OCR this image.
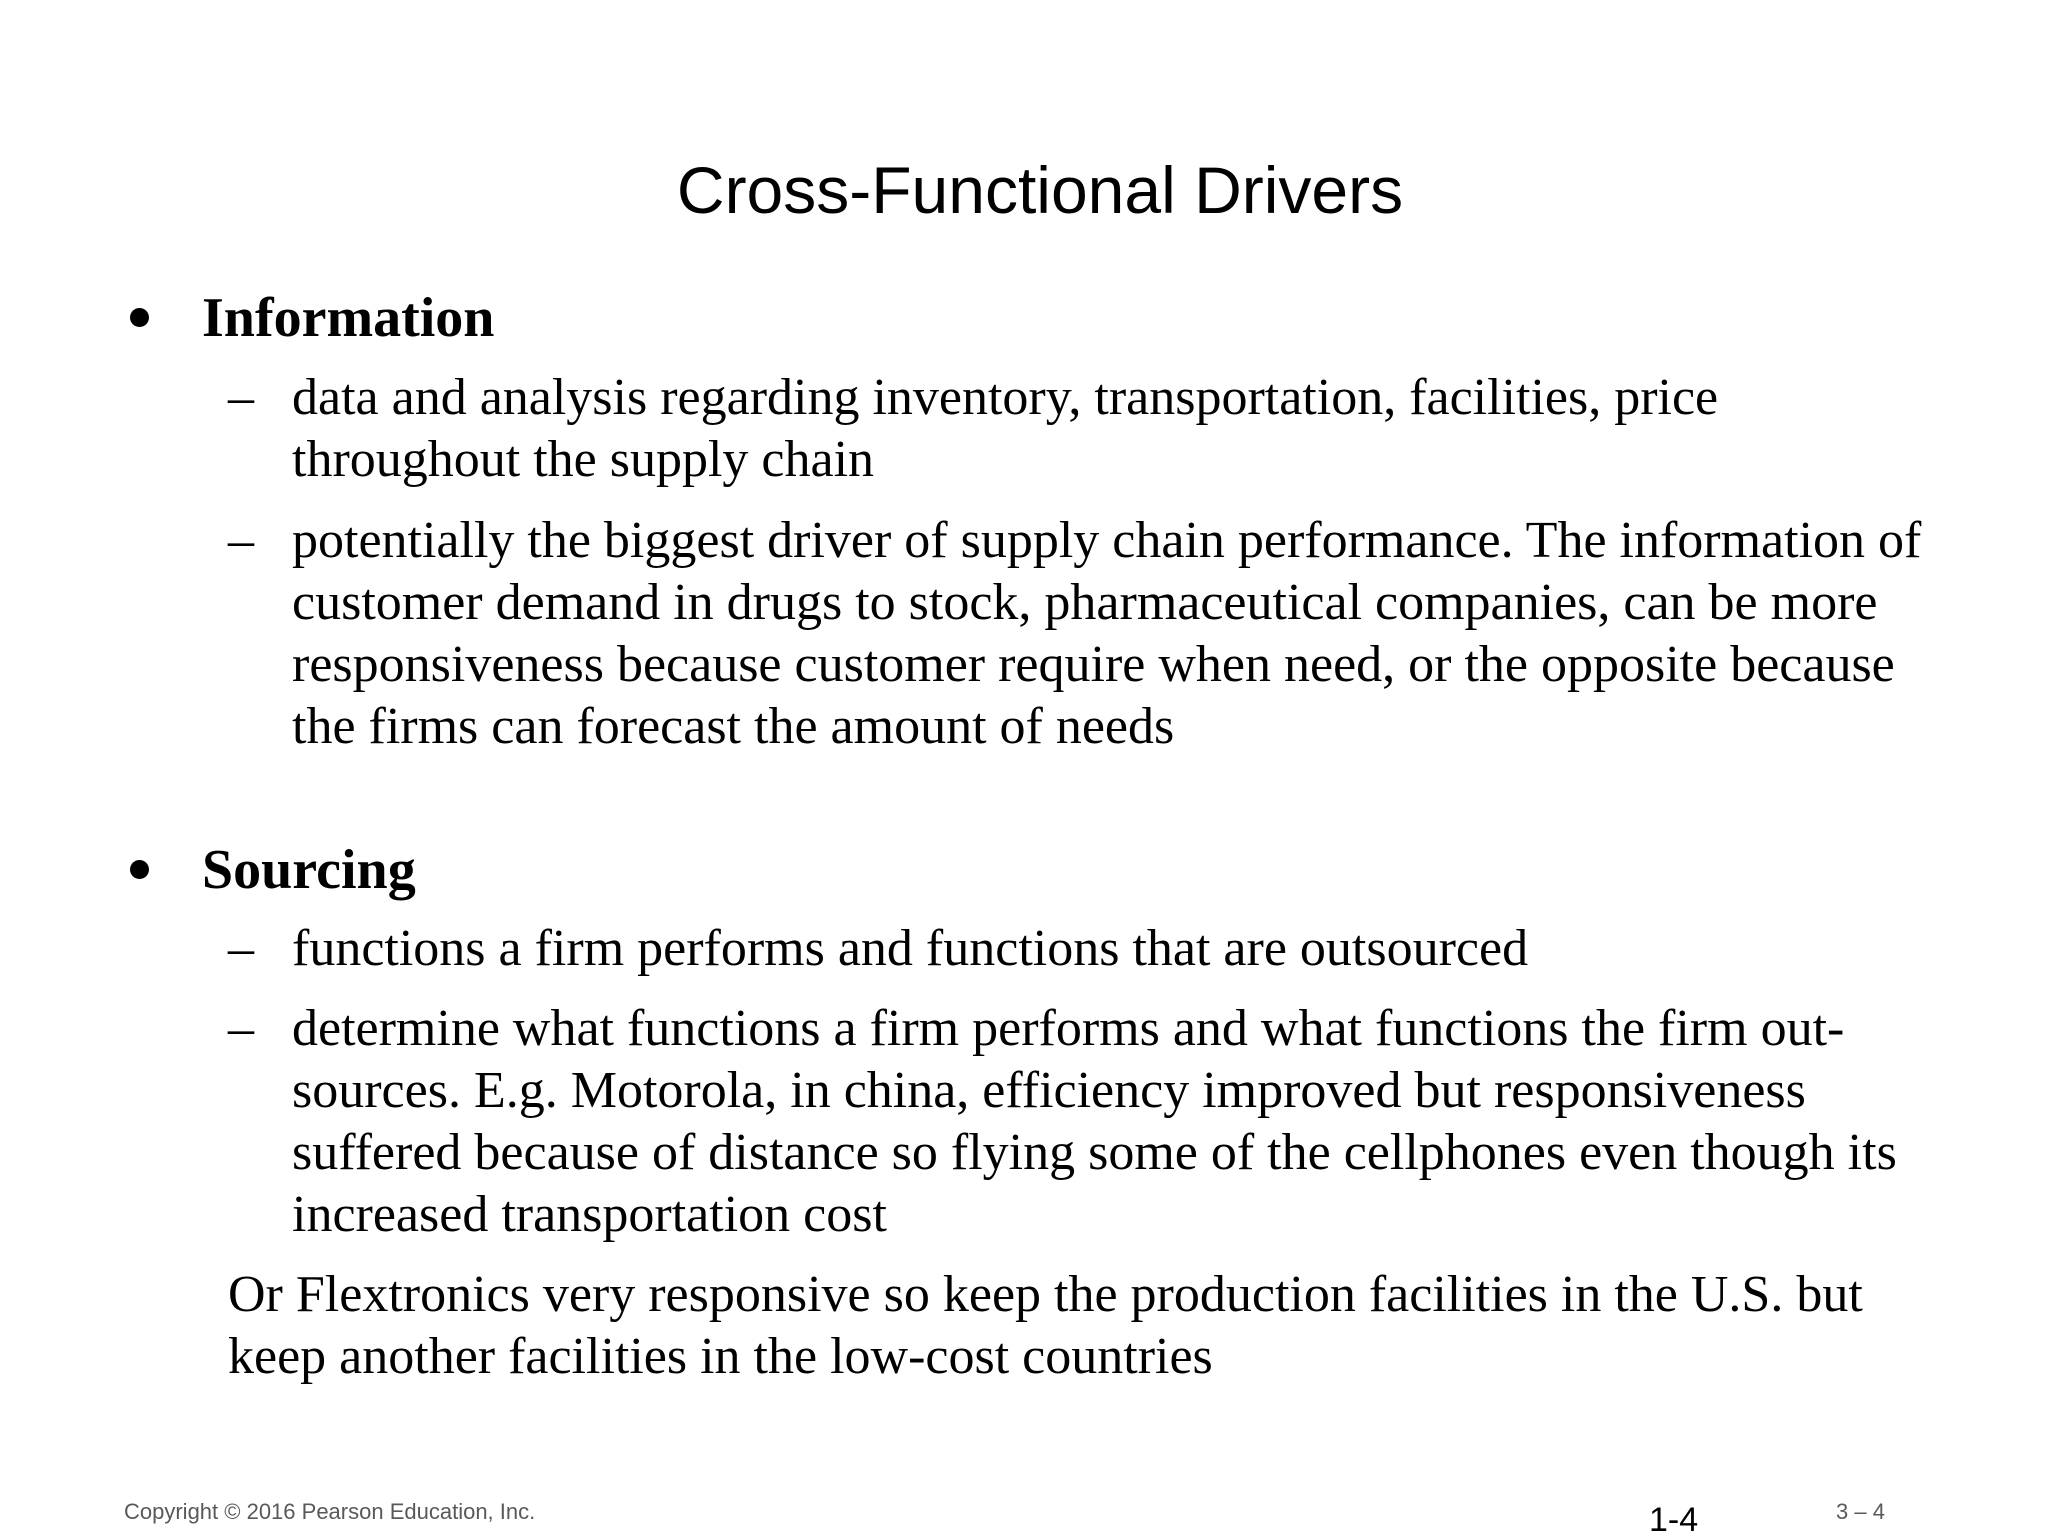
Cross-Functional Drivers
Information
– data and analysis regarding inventory, transportation, facilities, price throughout the supply chain
– potentially the biggest driver of supply chain performance. The information of customer demand in drugs to stock, pharmaceutical companies, can be more responsiveness because customer require when need, or the opposite because the firms can forecast the amount of needs
Sourcing
– functions a firm performs and functions that are outsourced
– determine what functions a firm performs and what functions the firm out- sources. E.g. Motorola, in china, efficiency improved but responsiveness suffered because of distance so flying some of the cellphones even though its increased transportation cost
Or Flextronics very responsive so keep the production facilities in the U.S. but keep another facilities in the low-cost countries
Copyright © 2016 Pearson Education, Inc.	1-4	3 – 4
